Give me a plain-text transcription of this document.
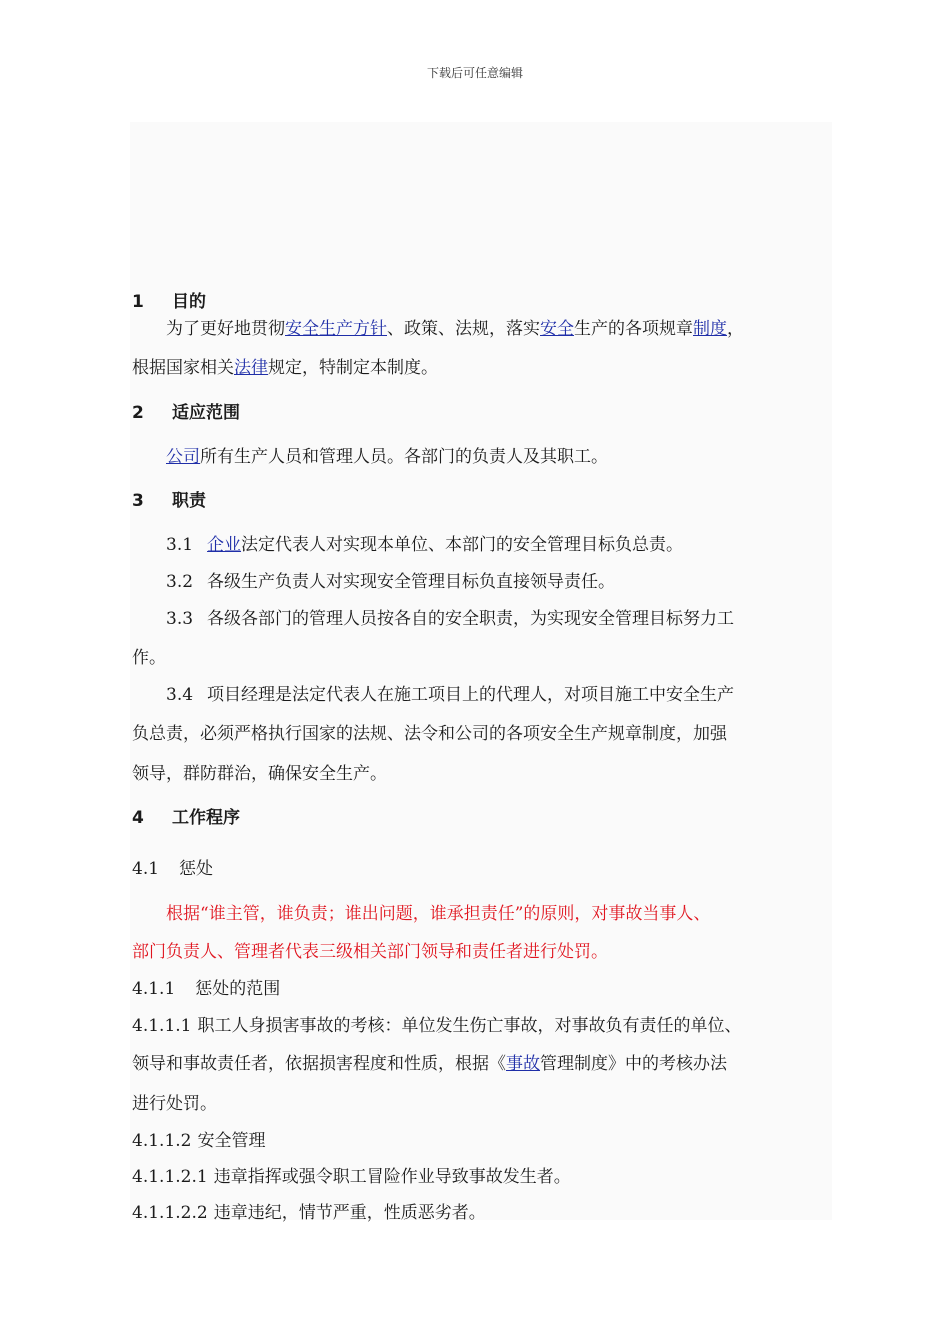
下载后可任意编辑
1 目的
为了更好地贯彻安全生产方针、政策、法规，落实安全生产的各项规章制度，
根据国家相关法律规定，特制定本制度。
2 适应范围
公司所有生产人员和管理人员。各部门的负责人及其职工。
3 职责
3.1 企业法定代表人对实现本单位、本部门的安全管理目标负总责。
3.2 各级生产负责人对实现安全管理目标负直接领导责任。
3.3 各级各部门的管理人员按各自的安全职责，为实现安全管理目标努力工
作。
3.4 项目经理是法定代表人在施工项目上的代理人，对项目施工中安全生产
负总责，必须严格执行国家的法规、法令和公司的各项安全生产规章制度，加强
领导，群防群治，确保安全生产。
4 工作程序
4.1 惩处
根据“谁主管，谁负责；谁出问题，谁承担责任”的原则，对事故当事人、
部门负责人、管理者代表三级相关部门领导和责任者进行处罚。
4.1.1 惩处的范围
4.1.1.1 职工人身损害事故的考核：单位发生伤亡事故，对事故负有责任的单位、
领导和事故责任者，依据损害程度和性质，根据《事故管理制度》中的考核办法
进行处罚。
4.1.1.2 安全管理
4.1.1.2.1 违章指挥或强令职工冒险作业导致事故发生者。
4.1.1.2.2 违章违纪，情节严重，性质恶劣者。
